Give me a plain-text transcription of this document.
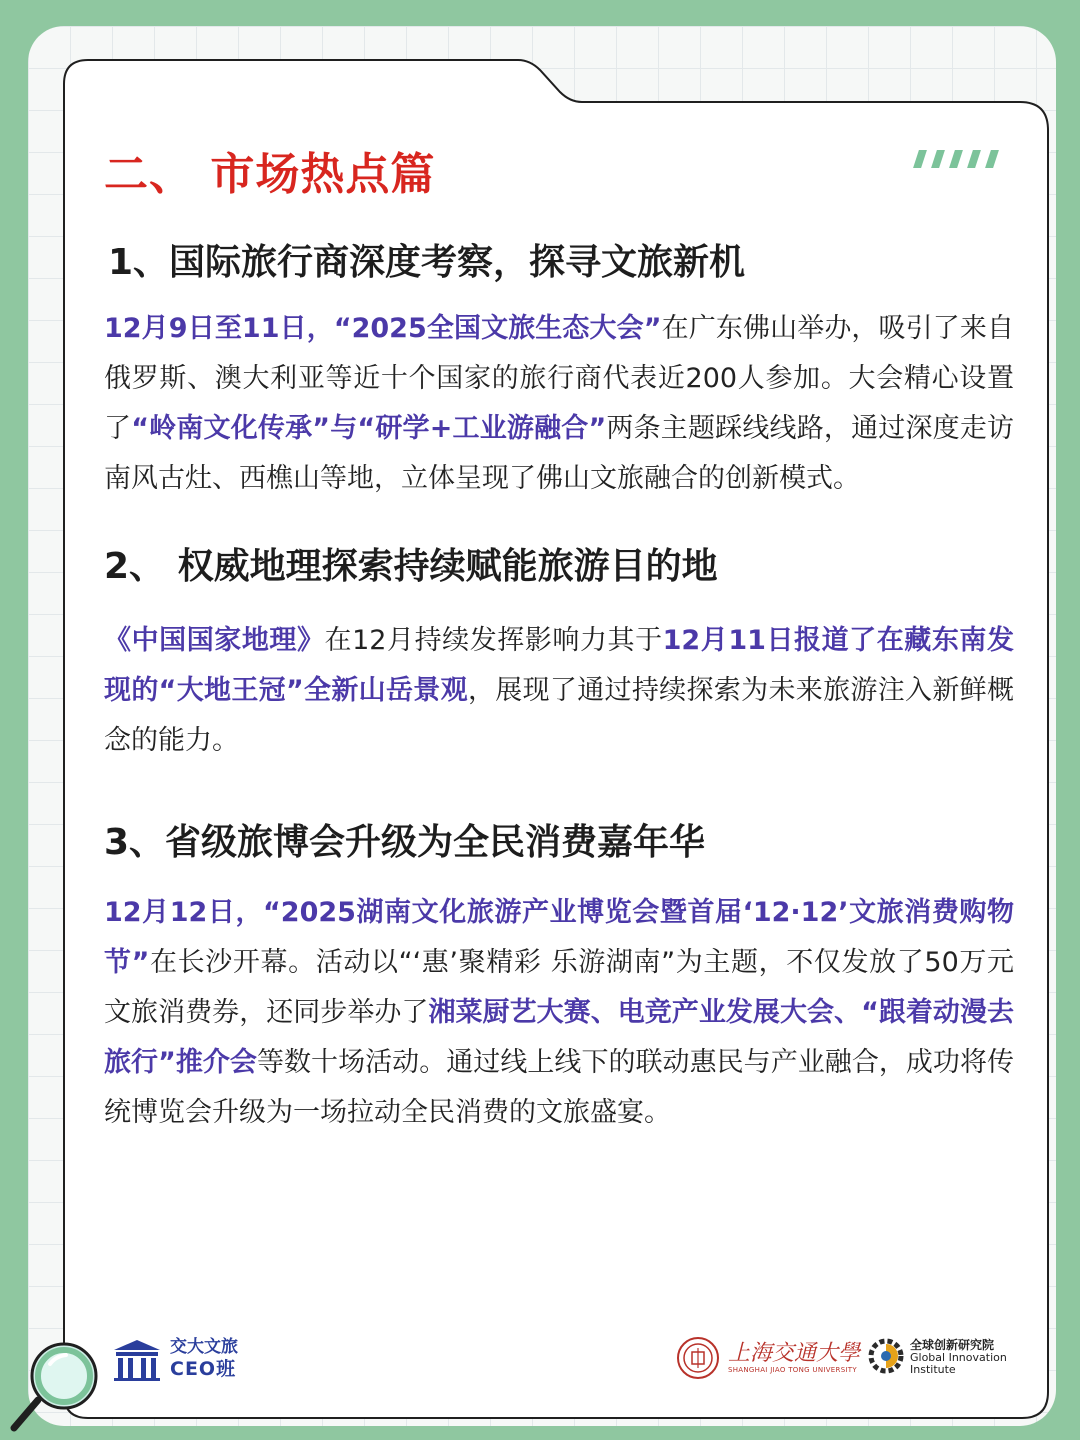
二、 市场热点篇
1、国际旅行商深度考察，探寻文旅新机

12月9日至11日，“2025全国文旅生态大会”在广东佛山举办，吸引了来自俄罗斯、澳大利亚等近十个国家的旅行商代表近200人参加。大会精心设置了“岭南文化传承”与“研学+工业游融合”两条主题踩线线路，通过深度走访南风古灶、西樵山等地，立体呈现了佛山文旅融合的创新模式。

2、 权威地理探索持续赋能旅游目的地

《中国国家地理》在12月持续发挥影响力其于12月11日报道了在藏东南发现的“大地王冠”全新山岳景观，展现了通过持续探索为未来旅游注入新鲜概念的能力。

3、省级旅博会升级为全民消费嘉年华

12月12日，“2025湖南文化旅游产业博览会暨首届‘12·12’文旅消费购物节”在长沙开幕。活动以“‘惠’聚精彩 乐游湖南”为主题，不仅发放了50万元文旅消费券，还同步举办了湘菜厨艺大赛、电竞产业发展大会、“跟着动漫去旅行”推介会等数十场活动。通过线上线下的联动惠民与产业融合，成功将传统博览会升级为一场拉动全民消费的文旅盛宴。

交大文旅
CEO班
上海交通大學
SHANGHAI JIAO TONG UNIVERSITY
全球创新研究院
Global Innovation
Institute
